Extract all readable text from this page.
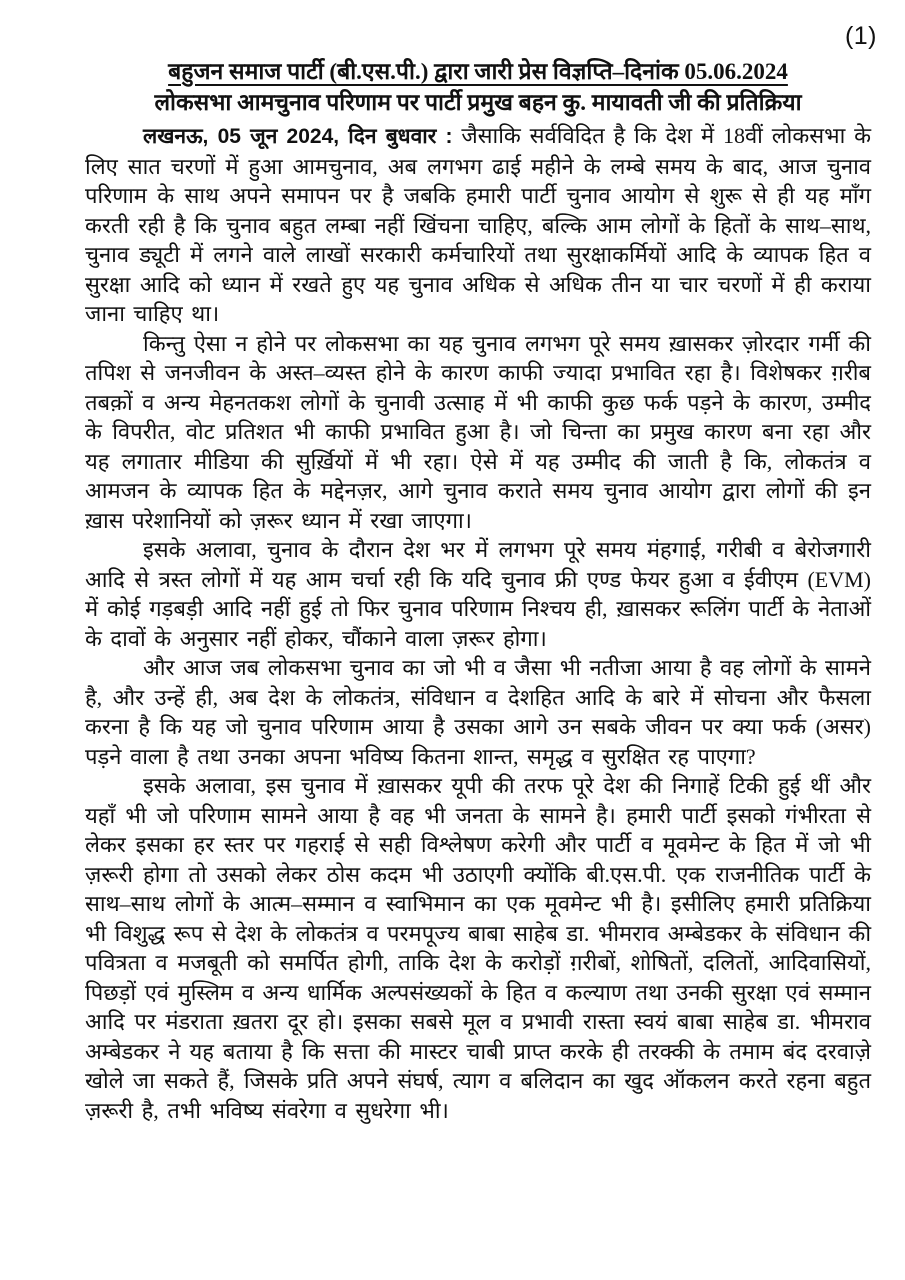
(1)
बहुजन समाज पार्टी (बी.एस.पी.) द्वारा जारी प्रेस विज्ञप्ति–दिनांक 05.06.2024
लोकसभा आमचुनाव परिणाम पर पार्टी प्रमुख बहन कु. मायावती जी की प्रतिक्रिया

लखनऊ, 05 जून 2024, दिन बुधवार : जैसाकि सर्वविदित है कि देश में 18वीं लोकसभा के लिए सात चरणों में हुआ आमचुनाव, अब लगभग ढाई महीने के लम्बे समय के बाद, आज चुनाव परिणाम के साथ अपने समापन पर है जबकि हमारी पार्टी चुनाव आयोग से शुरू से ही यह माँग करती रही है कि चुनाव बहुत लम्बा नहीं खिंचना चाहिए, बल्कि आम लोगों के हितों के साथ–साथ, चुनाव ड्यूटी में लगने वाले लाखों सरकारी कर्मचारियों तथा सुरक्षाकर्मियों आदि के व्यापक हित व सुरक्षा आदि को ध्यान में रखते हुए यह चुनाव अधिक से अधिक तीन या चार चरणों में ही कराया जाना चाहिए था।

किन्तु ऐसा न होने पर लोकसभा का यह चुनाव लगभग पूरे समय ख़ासकर ज़ोरदार गर्मी की तपिश से जनजीवन के अस्त–व्यस्त होने के कारण काफी ज्यादा प्रभावित रहा है। विशेषकर ग़रीब तबक़ों व अन्य मेहनतकश लोगों के चुनावी उत्साह में भी काफी कुछ फर्क पड़ने के कारण, उम्मीद के विपरीत, वोट प्रतिशत भी काफी प्रभावित हुआ है। जो चिन्ता का प्रमुख कारण बना रहा और यह लगातार मीडिया की सुर्ख़ियों में भी रहा। ऐसे में यह उम्मीद की जाती है कि, लोकतंत्र व आमजन के व्यापक हित के मद्देनज़र, आगे चुनाव कराते समय चुनाव आयोग द्वारा लोगों की इन ख़ास परेशानियों को ज़रूर ध्यान में रखा जाएगा।

इसके अलावा, चुनाव के दौरान देश भर में लगभग पूरे समय मंहगाई, गरीबी व बेरोजगारी आदि से त्रस्त लोगों में यह आम चर्चा रही कि यदि चुनाव फ्री एण्ड फेयर हुआ व ईवीएम (EVM) में कोई गड़बड़ी आदि नहीं हुई तो फिर चुनाव परिणाम निश्चय ही, ख़ासकर रूलिंग पार्टी के नेताओं के दावों के अनुसार नहीं होकर, चौंकाने वाला ज़रूर होगा।

और आज जब लोकसभा चुनाव का जो भी व जैसा भी नतीजा आया है वह लोगों के सामने है, और उन्हें ही, अब देश के लोकतंत्र, संविधान व देशहित आदि के बारे में सोचना और फैसला करना है कि यह जो चुनाव परिणाम आया है उसका आगे उन सबके जीवन पर क्या फर्क (असर) पड़ने वाला है तथा उनका अपना भविष्य कितना शान्त, समृद्ध व सुरक्षित रह पाएगा?

इसके अलावा, इस चुनाव में ख़ासकर यूपी की तरफ पूरे देश की निगाहें टिकी हुई थीं और यहाँ भी जो परिणाम सामने आया है वह भी जनता के सामने है। हमारी पार्टी इसको गंभीरता से लेकर इसका हर स्तर पर गहराई से सही विश्लेषण करेगी और पार्टी व मूवमेन्ट के हित में जो भी ज़रूरी होगा तो उसको लेकर ठोस कदम भी उठाएगी क्योंकि बी.एस.पी. एक राजनीतिक पार्टी के साथ–साथ लोगों के आत्म–सम्मान व स्वाभिमान का एक मूवमेन्ट भी है। इसीलिए हमारी प्रतिक्रिया भी विशुद्ध रूप से देश के लोकतंत्र व परमपूज्य बाबा साहेब डा. भीमराव अम्बेडकर के संविधान की पवित्रता व मजबूती को समर्पित होगी, ताकि देश के करोड़ों ग़रीबों, शोषितों, दलितों, आदिवासियों, पिछड़ों एवं मुस्लिम व अन्य धार्मिक अल्पसंख्यकों के हित व कल्याण तथा उनकी सुरक्षा एवं सम्मान आदि पर मंडराता ख़तरा दूर हो। इसका सबसे मूल व प्रभावी रास्ता स्वयं बाबा साहेब डा. भीमराव अम्बेडकर ने यह बताया है कि सत्ता की मास्टर चाबी प्राप्त करके ही तरक्की के तमाम बंद दरवाज़े खोले जा सकते हैं, जिसके प्रति अपने संघर्ष, त्याग व बलिदान का खुद ऑकलन करते रहना बहुत ज़रूरी है, तभी भविष्य संवरेगा व सुधरेगा भी।
